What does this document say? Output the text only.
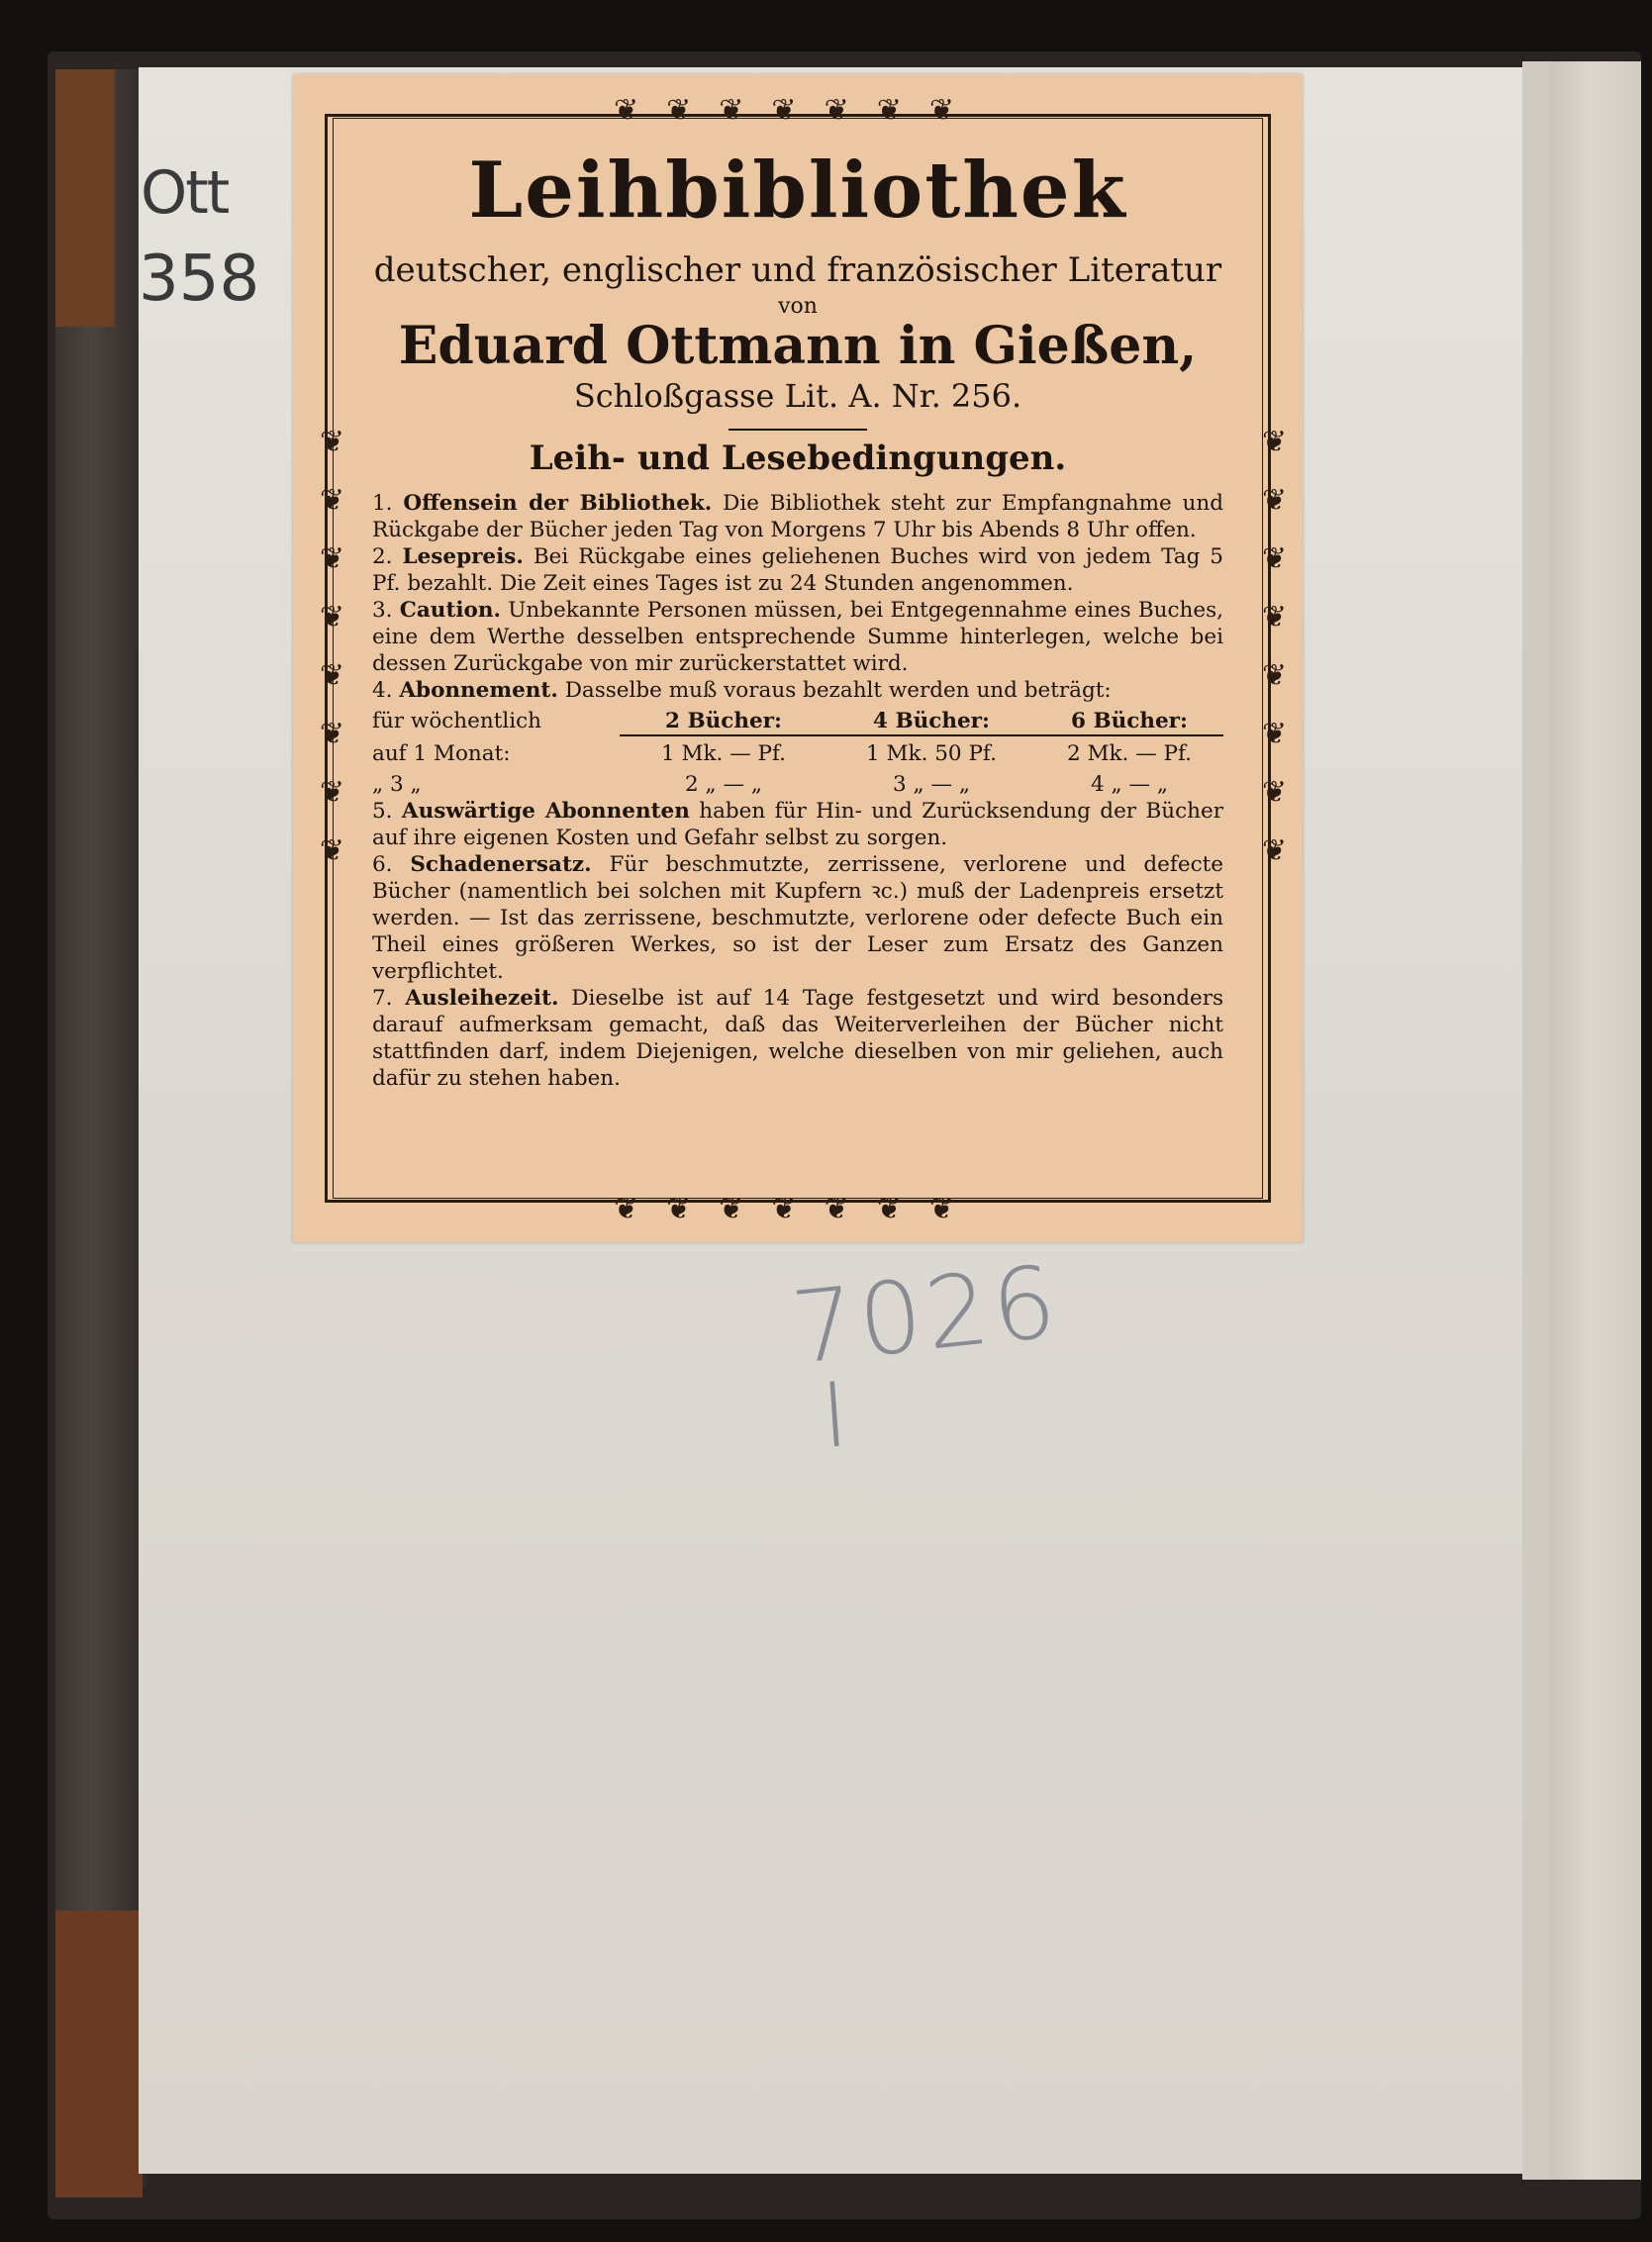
Ott
358
❦❦❦❦❦❦❦
❦❦❦❦❦❦❦
❦❦❦❦❦❦❦❦	❦❦❦❦❦❦❦❦
Leihbibliothek
deutscher, englischer und französischer Literatur
von
Eduard Ottmann in Gießen,
Schloßgasse Lit. A. Nr. 256.
Leih- und Lesebedingungen.

1. Offensein der Bibliothek. Die Bibliothek steht zur Empfangnahme und Rückgabe der Bücher jeden Tag von Morgens 7 Uhr bis Abends 8 Uhr offen.

2. Lesepreis. Bei Rückgabe eines geliehenen Buches wird von jedem Tag 5 Pf. bezahlt. Die Zeit eines Tages ist zu 24 Stunden angenommen.

3. Caution. Unbekannte Personen müssen, bei Entgegennahme eines Buches, eine dem Werthe desselben entsprechende Summe hinterlegen, welche bei dessen Zurückgabe von mir zurückerstattet wird.

4. Abonnement. Dasselbe muß voraus bezahlt werden und beträgt:

für wöchentlich	2 Bücher:	4 Bücher:	6 Bücher:
auf 1 Monat:	1 Mk. — Pf.	1 Mk. 50 Pf.	2 Mk. — Pf.
„ 3 „	2 „ — „	3 „ — „	4 „ — „

5. Auswärtige Abonnenten haben für Hin- und Zurücksendung der Bücher auf ihre eigenen Kosten und Gefahr selbst zu sorgen.

6. Schadenersatz. Für beschmutzte, zerrissene, verlorene und defecte Bücher (namentlich bei solchen mit Kupfern ꝛc.) muß der Ladenpreis ersetzt werden. — Ist das zerrissene, beschmutzte, verlorene oder defecte Buch ein Theil eines größeren Werkes, so ist der Leser zum Ersatz des Ganzen verpflichtet.

7. Ausleihezeit. Dieselbe ist auf 14 Tage festgesetzt und wird besonders darauf aufmerksam gemacht, daß das Weiterverleihen der Bücher nicht stattfinden darf, indem Diejenigen, welche dieselben von mir geliehen, auch dafür zu stehen haben.

7026
I
